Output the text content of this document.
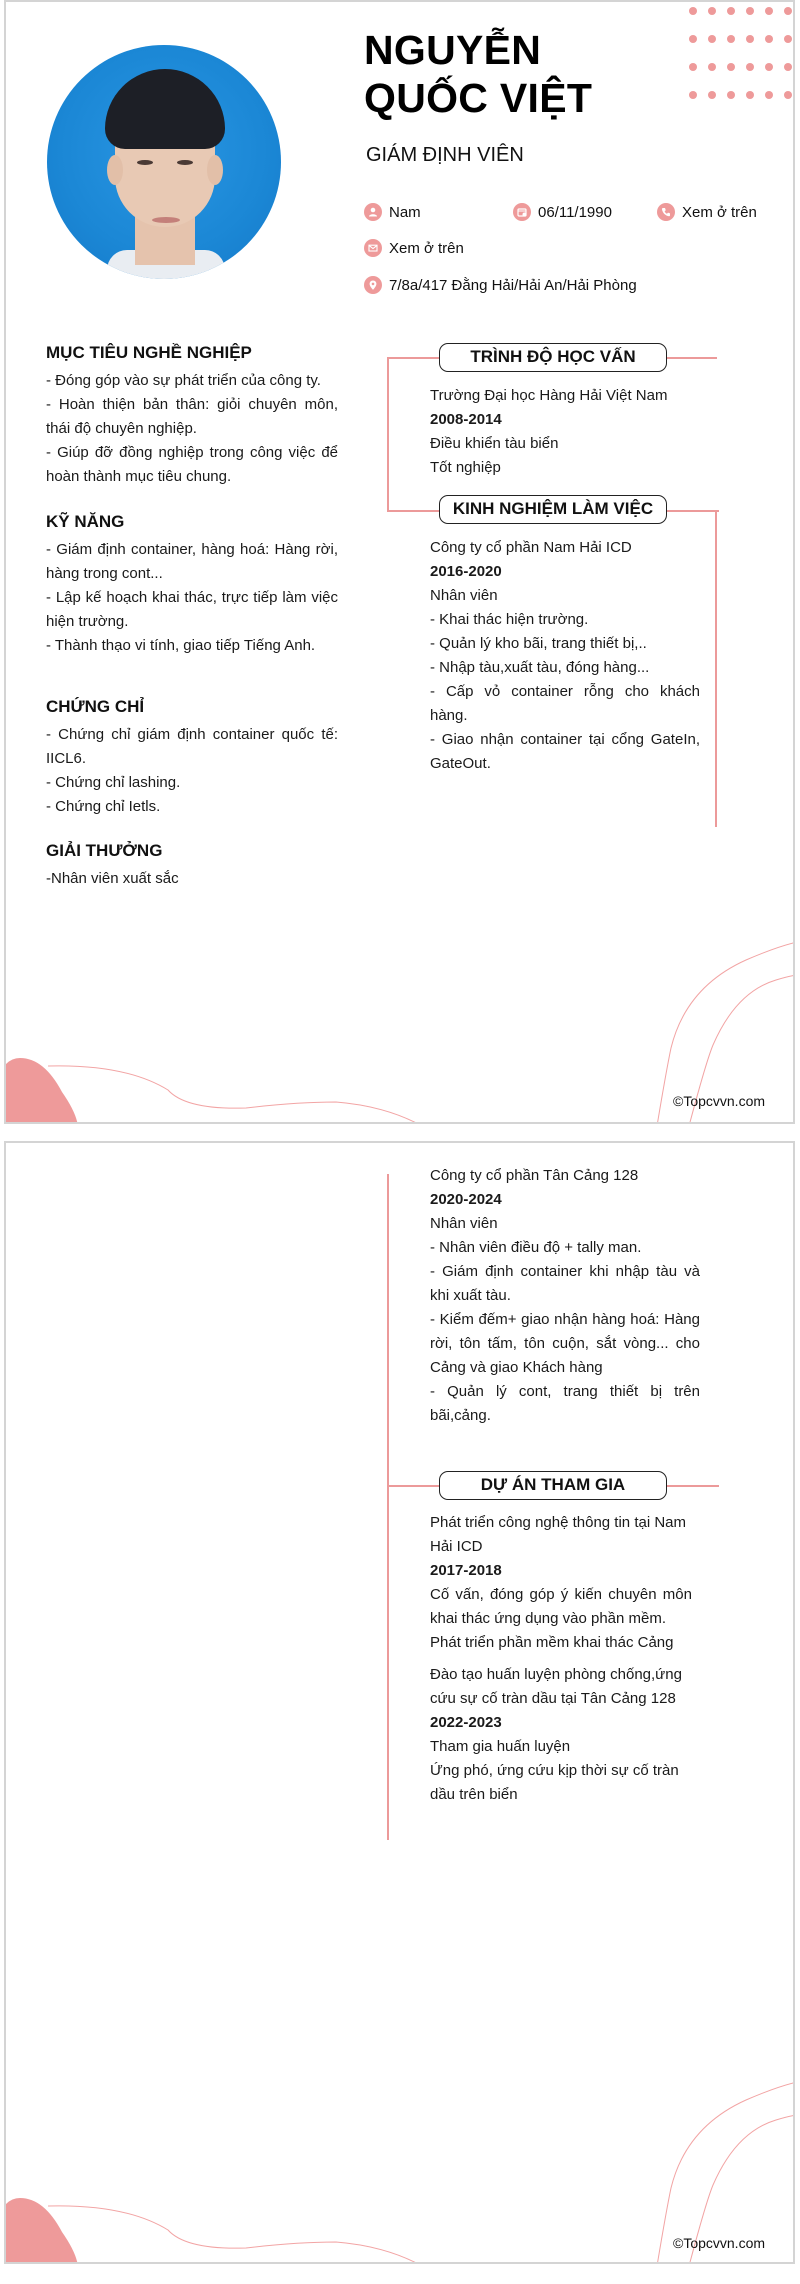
NGUYỄN
QUỐC VIỆT
GIÁM ĐỊNH VIÊN
Nam	06/11/1990	Xem ở trên
Xem ở trên
7/8a/417 Đằng Hải/Hải An/Hải Phòng
MỤC TIÊU NGHỀ NGHIỆP
- Đóng góp vào sự phát triển của công ty.
- Hoàn thiện bản thân: giỏi chuyên môn, thái độ chuyên nghiệp.
- Giúp đỡ đồng nghiệp trong công việc để hoàn thành mục tiêu chung.
KỸ NĂNG
- Giám định container, hàng hoá: Hàng rời, hàng trong cont...
- Lập kế hoạch khai thác, trực tiếp làm việc hiện trường.
- Thành thạo vi tính, giao tiếp Tiếng Anh.
CHỨNG CHỈ
- Chứng chỉ giám định container quốc tế: IICL6.
- Chứng chỉ lashing.
- Chứng chỉ Ietls.
GIẢI THƯỞNG
-Nhân viên xuất sắc
TRÌNH ĐỘ HỌC VẤN
Trường Đại học Hàng Hải Việt Nam
2008-2014
Điều khiển tàu biển
Tốt nghiệp
KINH NGHIỆM LÀM VIỆC
Công ty cổ phần Nam Hải ICD
2016-2020
Nhân viên
- Khai thác hiện trường.
- Quản lý kho bãi, trang thiết bị,..
- Nhập tàu,xuất tàu, đóng hàng...
- Cấp vỏ container rỗng cho khách hàng.
- Giao nhận container tại cổng GateIn, GateOut.
©Topcvvn.com
Công ty cổ phần Tân Cảng 128
2020-2024
Nhân viên
- Nhân viên điều độ + tally man.
- Giám định container khi nhập tàu và khi xuất tàu.
- Kiểm đếm+ giao nhận hàng hoá: Hàng rời, tôn tấm, tôn cuộn, sắt vòng... cho Cảng và giao Khách hàng
- Quản lý cont, trang thiết bị trên bãi,cảng.
DỰ ÁN THAM GIA
Phát triển công nghệ thông tin tại Nam Hải ICD
2017-2018
Cố vấn, đóng góp ý kiến chuyên môn khai thác ứng dụng vào phần mềm.
Phát triển phần mềm khai thác Cảng
Đào tạo huấn luyện phòng chống,ứng cứu sự cố tràn dầu tại Tân Cảng 128
2022-2023
Tham gia huấn luyện
Ứng phó, ứng cứu kịp thời sự cố tràn dầu trên biển
©Topcvvn.com
